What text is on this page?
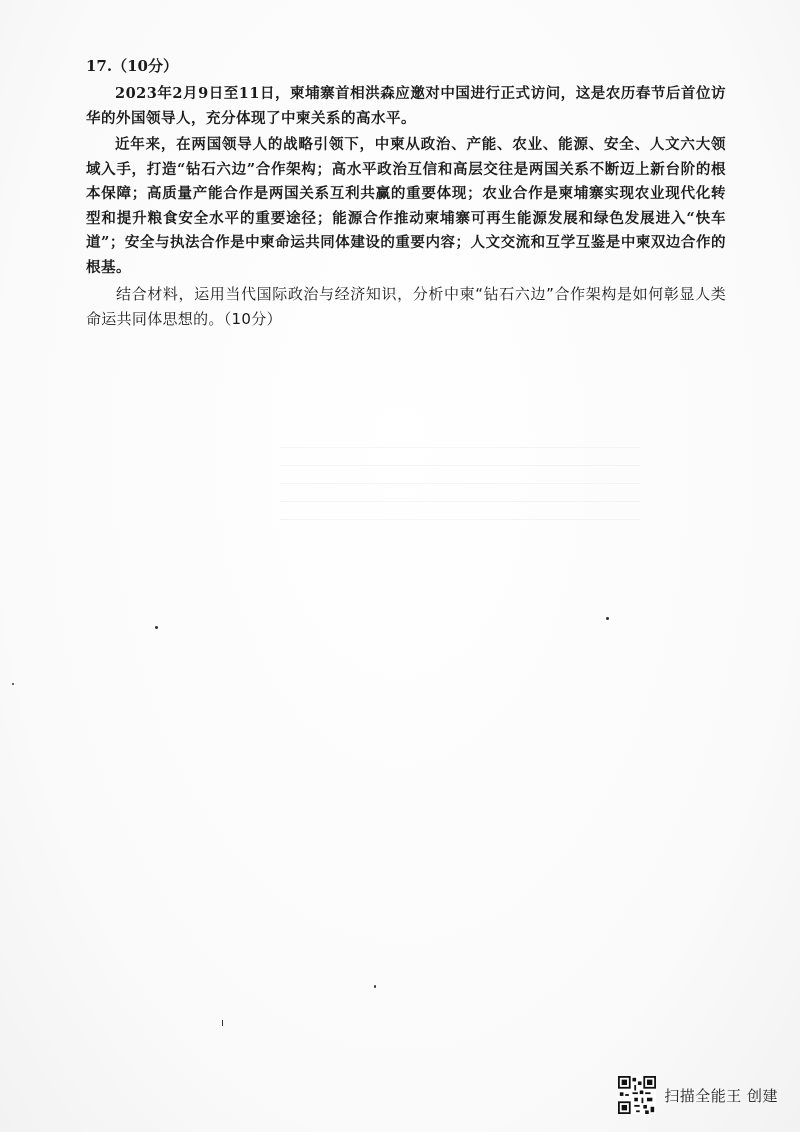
17.（10分）

2023年2月9日至11日，柬埔寨首相洪森应邀对中国进行正式访问，这是农历春节后首位访华的外国领导人，充分体现了中柬关系的高水平。

近年来，在两国领导人的战略引领下，中柬从政治、产能、农业、能源、安全、人文六大领域入手，打造“钻石六边”合作架构；高水平政治互信和高层交往是两国关系不断迈上新台阶的根本保障；高质量产能合作是两国关系互利共赢的重要体现；农业合作是柬埔寨实现农业现代化转型和提升粮食安全水平的重要途径；能源合作推动柬埔寨可再生能源发展和绿色发展进入“快车道”；安全与执法合作是中柬命运共同体建设的重要内容；人文交流和互学互鉴是中柬双边合作的根基。

结合材料，运用当代国际政治与经济知识，分析中柬“钻石六边”合作架构是如何彰显人类命运共同体思想的。（10分）

扫描全能王 创建
